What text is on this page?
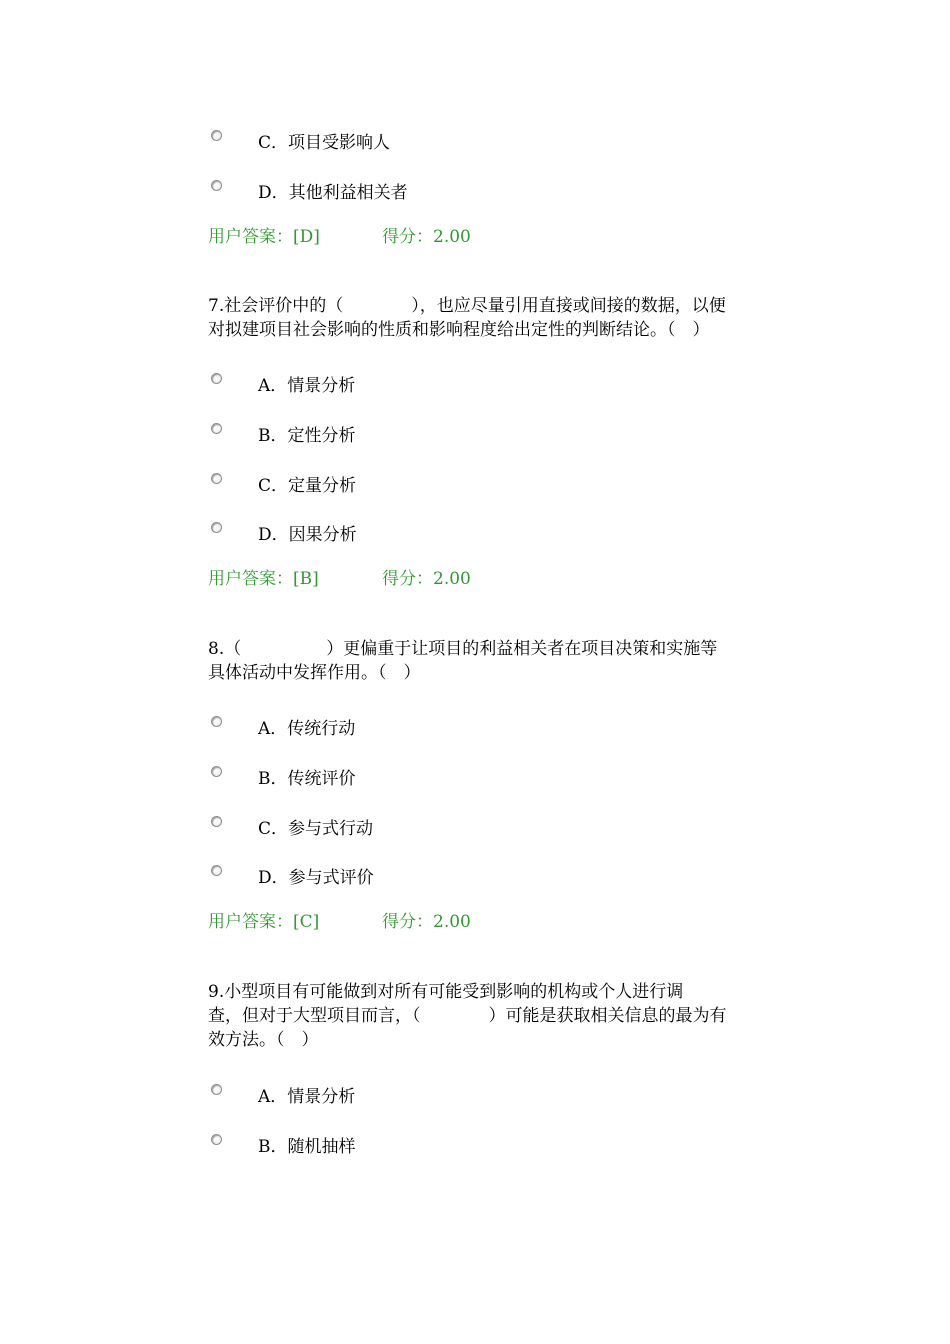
C．项目受影响人
D．其他利益相关者
用户答案：[D]	得分：2.00
7.社会评价中的（　　　　），也应尽量引用直接或间接的数据，以便
对拟建项目社会影响的性质和影响程度给出定性的判断结论。（　）
A．情景分析
B．定性分析
C．定量分析
D．因果分析
用户答案：[B]	得分：2.00
8.（　　　　　）更偏重于让项目的利益相关者在项目决策和实施等
具体活动中发挥作用。（　）
A．传统行动
B．传统评价
C．参与式行动
D．参与式评价
用户答案：[C]	得分：2.00
9.小型项目有可能做到对所有可能受到影响的机构或个人进行调
查，但对于大型项目而言，（　　　　）可能是获取相关信息的最为有
效方法。（　）
A．情景分析
B．随机抽样
